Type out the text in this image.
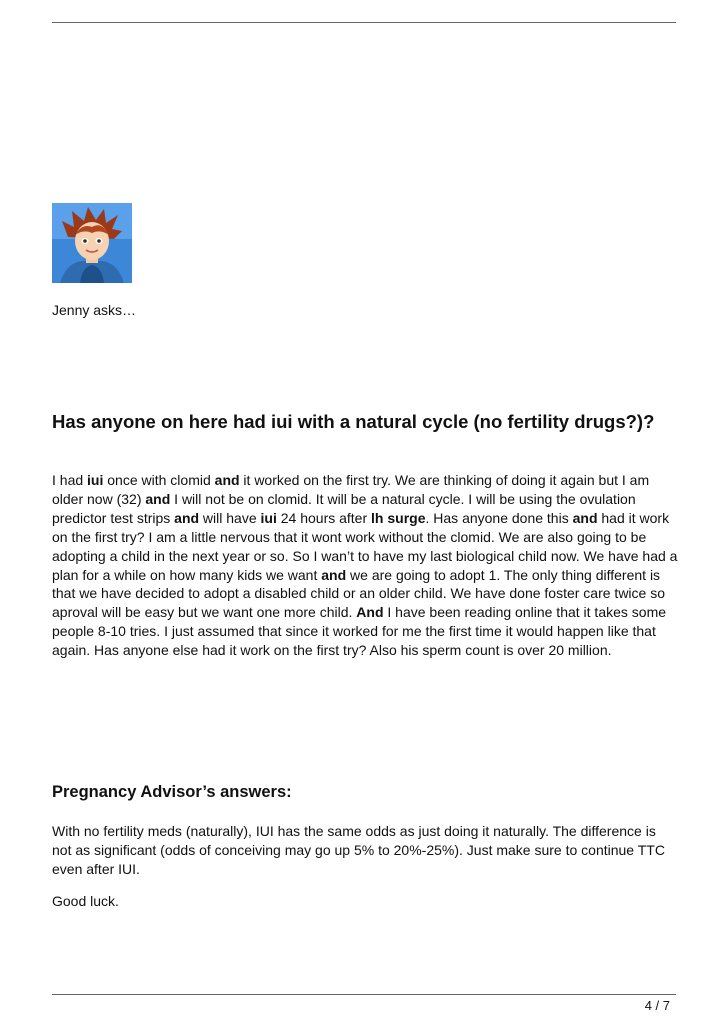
Jenny asks…
Has anyone on here had iui with a natural cycle (no fertility drugs?)?

I had iui once with clomid and it worked on the first try. We are thinking of doing it again but I am older now (32) and I will not be on clomid. It will be a natural cycle. I will be using the ovulation predictor test strips and will have iui 24 hours after lh surge. Has anyone done this and had it work on the first try? I am a little nervous that it wont work without the clomid. We are also going to be adopting a child in the next year or so. So I wan’t to have my last biological child now. We have had a plan for a while on how many kids we want and we are going to adopt 1. The only thing different is that we have decided to adopt a disabled child or an older child. We have done foster care twice so aproval will be easy but we want one more child. And I have been reading online that it takes some people 8-10 tries. I just assumed that since it worked for me the first time it would happen like that again. Has anyone else had it work on the first try? Also his sperm count is over 20 million.

Pregnancy Advisor’s answers:

With no fertility meds (naturally), IUI has the same odds as just doing it naturally. The difference is not as significant (odds of conceiving may go up 5% to 20%-25%). Just make sure to continue TTC even after IUI.

Good luck.

4 / 7
